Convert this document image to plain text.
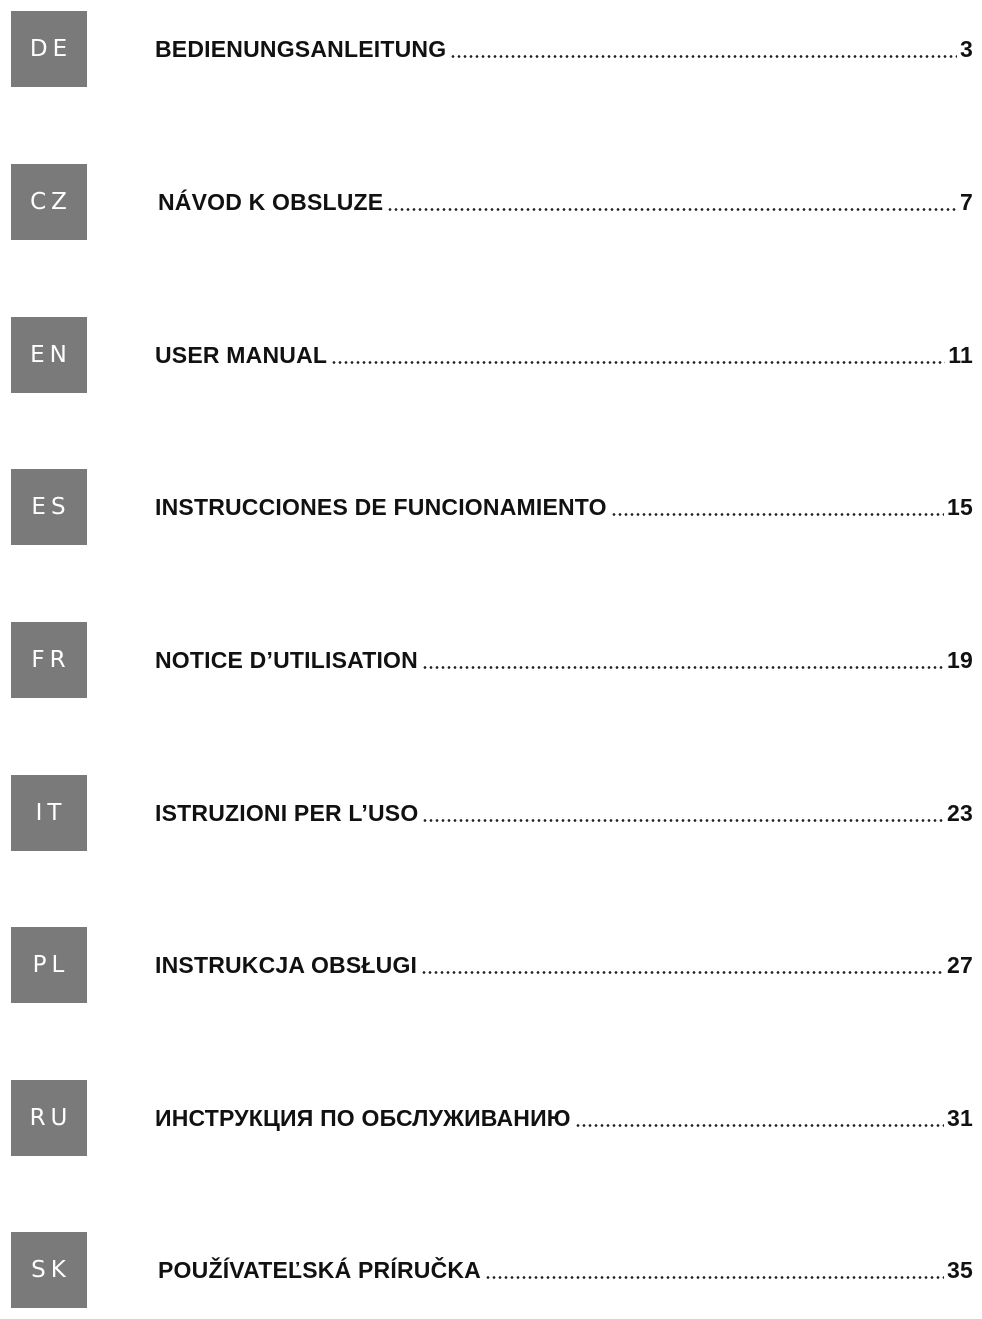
DE	BEDIENUNGSANLEITUNG	3
CZ	NÁVOD K OBSLUZE	7
EN	USER MANUAL	11
ES	INSTRUCCIONES DE FUNCIONAMIENTO	15
FR	NOTICE D’UTILISATION	19
IT	ISTRUZIONI PER L’USO	23
PL	INSTRUKCJA OBSŁUGI	27
RU	ИНСТРУКЦИЯ ПО ОБСЛУЖИВАНИЮ	31
SK	POUŽÍVATEĽSKÁ PRÍRUČKA	35
